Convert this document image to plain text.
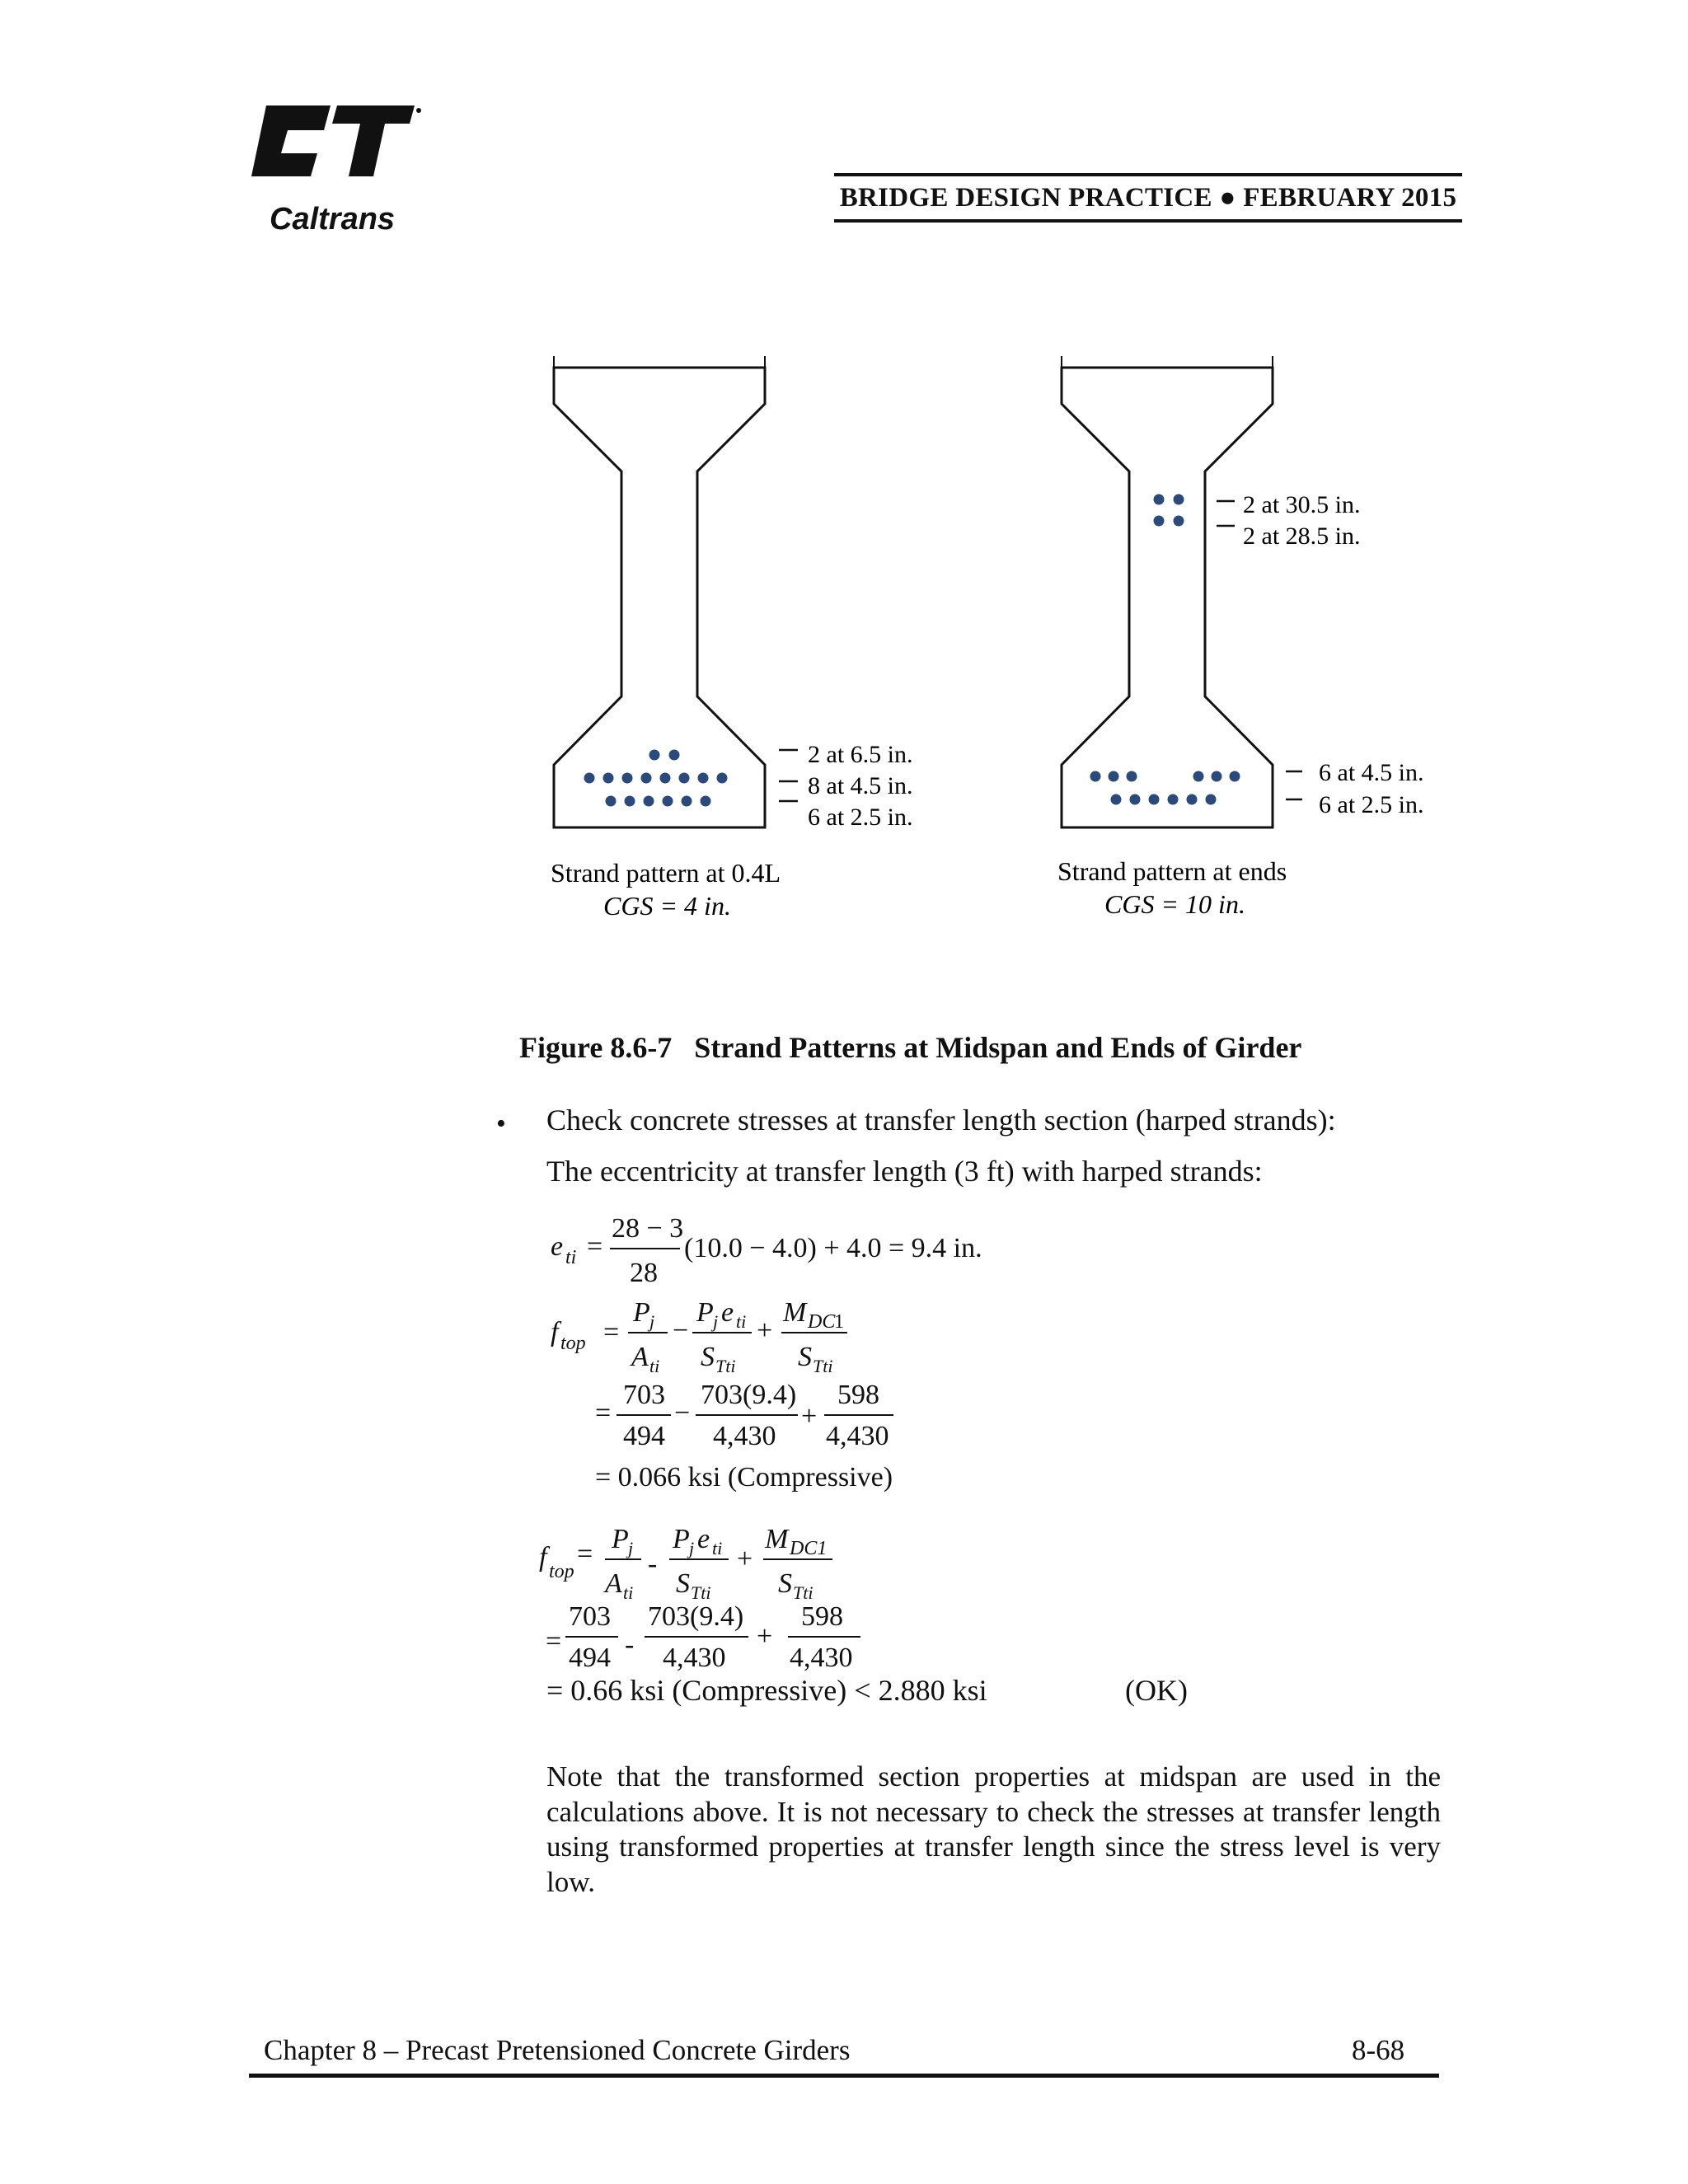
Caltrans
BRIDGE DESIGN PRACTICE ● FEBRUARY 2015
2 at 6.5 in.
8 at 4.5 in.
6 at 2.5 in.
Strand pattern at 0.4L
CGS = 4 in.
2 at 30.5 in.
2 at 28.5 in.
6 at 4.5 in.
6 at 2.5 in.
Strand pattern at ends
CGS = 10 in.
Figure 8.6-7   Strand Patterns at Midspan and Ends of Girder
• Check concrete stresses at transfer length section (harped strands):
The eccentricity at transfer length (3 ft) with harped strands:
e ti =
28 − 3
28
(10.0 − 4.0) + 4.0 = 9.4 in.
f top =
P j
A ti
−
P j e ti
S Tti
+
M DC
1
S Tti
=
703
494
−
703(9.4)
4,430
+
598
4,430
= 0.066 ksi (Compressive)
f top
= P j
A ti
-
P j e ti
S Tti
+
M DC1
S Tti
=
703
494 -
703(9.4)
4,430
+
598
4,430
= 0.66 ksi (Compressive) < 2.880 ksi	(OK)
Note that the transformed section properties at midspan are used in the calculations above. It is not necessary to check the stresses at transfer length using transformed properties at transfer length since the stress level is very low.
Chapter 8 – Precast Pretensioned Concrete Girders	8-68
